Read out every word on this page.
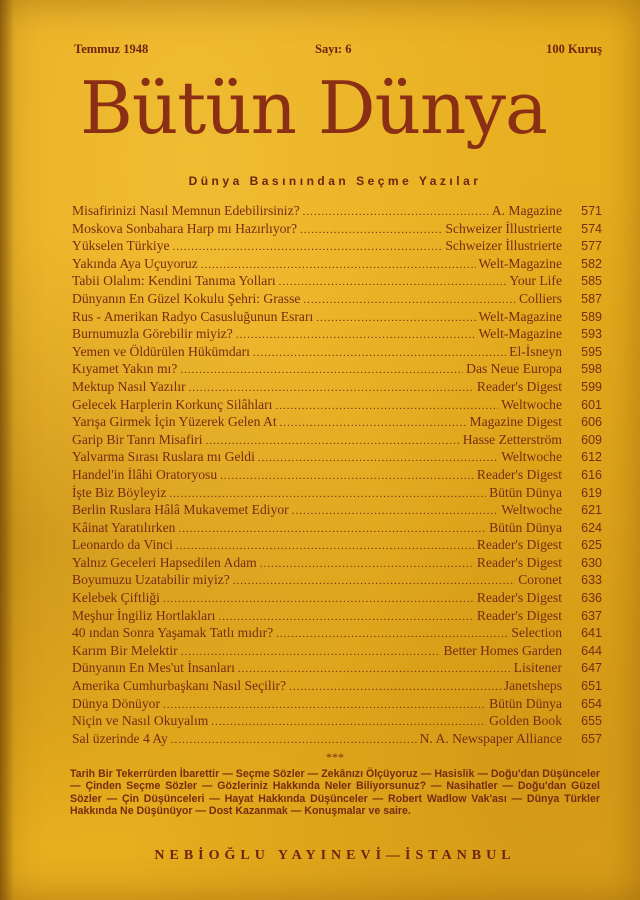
Temmuz 1948	Sayı: 6	100 Kuruş
Bütün Dünya
Dünya Basınından Seçme Yazılar
Misafirinizi Nasıl Memnun Edebilirsiniz? .....	A. Magazine	571
Moskova Sonbahara Harp mı Hazırlıyor? .....	Schweizer İllustrierte	574
Yükselen Türkiye .....	Schweizer İllustrierte	577
Yakında Aya Uçuyoruz .....	Welt-Magazine	582
Tabii Olalım: Kendini Tanıma Yolları .....	Your Life	585
Dünyanın En Güzel Kokulu Şehri: Grasse .....	Colliers	587
Rus - Amerikan Radyo Casusluğunun Esrarı .....	Welt-Magazine	589
Burnumuzla Görebilir miyiz? .....	Welt-Magazine	593
Yemen ve Öldürülen Hükümdarı .....	El-İsneyn	595
Kıyamet Yakın mı? .....	Das Neue Europa	598
Mektup Nasıl Yazılır .....	Reader's Digest	599
Gelecek Harplerin Korkunç Silâhları .....	Weltwoche	601
Yarışa Girmek İçin Yüzerek Gelen At .....	Magazine Digest	606
Garip Bir Tanrı Misafiri .....	Hasse Zetterström	609
Yalvarma Sırası Ruslara mı Geldi .....	Weltwoche	612
Handel'in İlâhi Oratoryosu .....	Reader's Digest	616
İşte Biz Böyleyiz .....	Bütün Dünya	619
Berlin Ruslara Hâlâ Mukavemet Ediyor .....	Weltwoche	621
Kâinat Yaratılırken .....	Bütün Dünya	624
Leonardo da Vinci .....	Reader's Digest	625
Yalnız Geceleri Hapsedilen Adam .....	Reader's Digest	630
Boyumuzu Uzatabilir miyiz? .....	Coronet	633
Kelebek Çiftliği .....	Reader's Digest	636
Meşhur İngiliz Hortlakları .....	Reader's Digest	637
40 ından Sonra Yaşamak Tatlı mıdır? .....	Selection	641
Karım Bir Melektir .....	Better Homes Garden	644
Dünyanın En Mes'ut İnsanları .....	Lisitener	647
Amerika Cumhurbaşkanı Nasıl Seçilir? .....	Janetsheps	651
Dünya Dönüyor .....	Bütün Dünya	654
Niçin ve Nasıl Okuyalım .....	Golden Book	655
Sal üzerinde 4 Ay .....	N. A. Newspaper Alliance	657
***
Tarih Bir Tekerrürden İbarettir — Seçme Sözler — Zekânızı Ölçüyoruz — Hasislik — Doğu'dan Düşünceler — Çinden Seçme Sözler — Gözleriniz Hakkında Neler Biliyorsunuz? — Nasihatler — Doğu'dan Güzel Sözler — Çin Düşünceleri — Hayat Hakkında Düşünceler — Robert Wadlow Vak'ası — Dünya Türkler Hakkında Ne Düşünüyor — Dost Kazanmak — Konuşmalar ve saire.
NEBİOĞLU YAYINEVİ—İSTANBUL
